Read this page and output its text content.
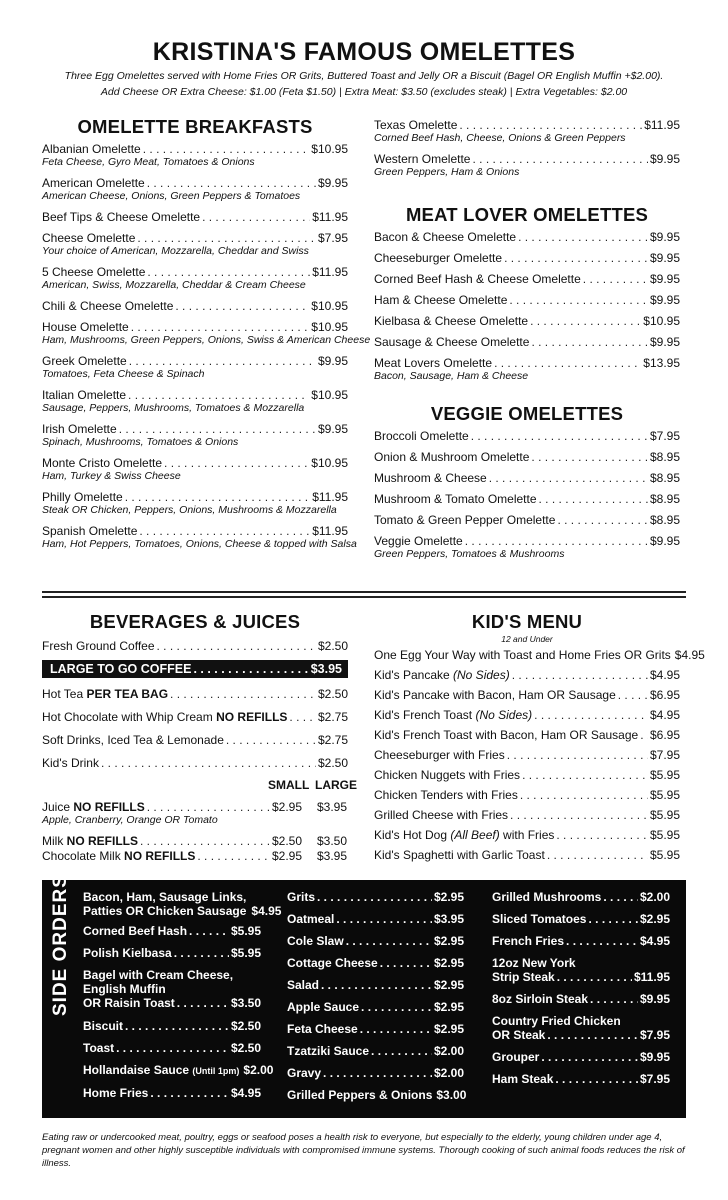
KRISTINA'S FAMOUS OMELETTES
Three Egg Omelettes served with Home Fries OR Grits, Buttered Toast and Jelly OR a Biscuit (Bagel OR English Muffin +$2.00).
Add Cheese OR Extra Cheese: $1.00 (Feta $1.50) | Extra Meat: $3.50 (excludes steak) | Extra Vegetables: $2.00
OMELETTE BREAKFASTS
Albanian Omelette . . .	$10.95
Feta Cheese, Gyro Meat, Tomatoes & Onions
American Omelette . . .	$9.95
American Cheese, Onions, Green Peppers & Tomatoes
Beef Tips & Cheese Omelette . . .	$11.95
Cheese Omelette . . .	$7.95
Your choice of American, Mozzarella, Cheddar and Swiss
5 Cheese Omelette . . .	$11.95
American, Swiss, Mozzarella, Cheddar & Cream Cheese
Chili & Cheese Omelette . . .	$10.95
House Omelette . . .	$10.95
Ham, Mushrooms, Green Peppers, Onions, Swiss & American Cheese
Greek Omelette . . .	$9.95
Tomatoes, Feta Cheese & Spinach
Italian Omelette . . .	$10.95
Sausage, Peppers, Mushrooms, Tomatoes & Mozzarella
Irish Omelette . . .	$9.95
Spinach, Mushrooms, Tomatoes & Onions
Monte Cristo Omelette . . .	$10.95
Ham, Turkey & Swiss Cheese
Philly Omelette . . .	$11.95
Steak OR Chicken, Peppers, Onions, Mushrooms & Mozzarella
Spanish Omelette . . .	$11.95
Ham, Hot Peppers, Tomatoes, Onions, Cheese & topped with Salsa
Texas Omelette . . .	$11.95
Corned Beef Hash, Cheese, Onions & Green Peppers
Western Omelette . . .	$9.95
Green Peppers, Ham & Onions
MEAT LOVER OMELETTES
Bacon & Cheese Omelette . . .	$9.95
Cheeseburger Omelette . . .	$9.95
Corned Beef Hash & Cheese Omelette . . .	$9.95
Ham & Cheese Omelette . . .	$9.95
Kielbasa & Cheese Omelette . . .	$10.95
Sausage & Cheese Omelette . . .	$9.95
Meat Lovers Omelette . . .	$13.95
Bacon, Sausage, Ham & Cheese
VEGGIE OMELETTES
Broccoli Omelette . . .	$7.95
Onion & Mushroom Omelette . . .	$8.95
Mushroom & Cheese . . .	$8.95
Mushroom & Tomato Omelette . . .	$8.95
Tomato & Green Pepper Omelette . . .	$8.95
Veggie Omelette . . .	$9.95
Green Peppers, Tomatoes & Mushrooms
BEVERAGES & JUICES
Fresh Ground Coffee . . .	$2.50
LARGE TO GO COFFEE . . .	$3.95
Hot Tea PER TEA BAG . . .	$2.50
Hot Chocolate with Whip Cream NO REFILLS . . .	$2.75
Soft Drinks, Iced Tea & Lemonade . . .	$2.75
Kid's Drink . . .	$2.50
SMALL LARGE
Juice NO REFILLS . . .	$2.95 $3.95
Apple, Cranberry, Orange OR Tomato
Milk NO REFILLS . . .	$2.50 $3.50
Chocolate Milk NO REFILLS . . .	$2.95 $3.95
KID'S MENU
12 and Under
One Egg Your Way with Toast and Home Fries OR Grits $4.95
Kid's Pancake (No Sides) . . .	$4.95
Kid's Pancake with Bacon, Ham OR Sausage . . .	$6.95
Kid's French Toast (No Sides) . . .	$4.95
Kid's French Toast with Bacon, Ham OR Sausage . . . $6.95
Cheeseburger with Fries . . .	$7.95
Chicken Nuggets with Fries . . .	$5.95
Chicken Tenders with Fries . . .	$5.95
Grilled Cheese with Fries . . .	$5.95
Kid's Hot Dog (All Beef) with Fries . . .	$5.95
Kid's Spaghetti with Garlic Toast . . .	$5.95
SIDE ORDERS Bacon, Ham, Sausage Links,
Patties OR Chicken Sausage $4.95
Corned Beef Hash . . .	$5.95
Polish Kielbasa . . .	$5.95
Bagel with Cream Cheese,
English Muffin
OR Raisin Toast . . .	$3.50
Biscuit . . .	$2.50
Toast . . .	$2.50
Hollandaise Sauce (Until 1pm) $2.00
Home Fries . . .	$4.95
Grits . . .	$2.95
Oatmeal . . .	$3.95
Cole Slaw . . .	$2.95
Cottage Cheese . . .	$2.95
Salad . . .	$2.95
Apple Sauce . . .	$2.95
Feta Cheese . . .	$2.95
Tzatziki Sauce . . .	$2.00
Gravy . . .	$2.00
Grilled Peppers & Onions $3.00
Grilled Mushrooms . . .	$2.00
Sliced Tomatoes . . .	$2.95
French Fries . . .	$4.95
12oz New York
Strip Steak . . .	$11.95
8oz Sirloin Steak . . .	$9.95
Country Fried Chicken
OR Steak . . .	$7.95
Grouper . . .	$9.95
Ham Steak . . .	$7.95
Eating raw or undercooked meat, poultry, eggs or seafood poses a health risk to everyone, but especially to the elderly, young children under age 4, pregnant women and other highly susceptible individuals with compromised immune systems. Thorough cooking of such animal foods reduces the risk of illness.
